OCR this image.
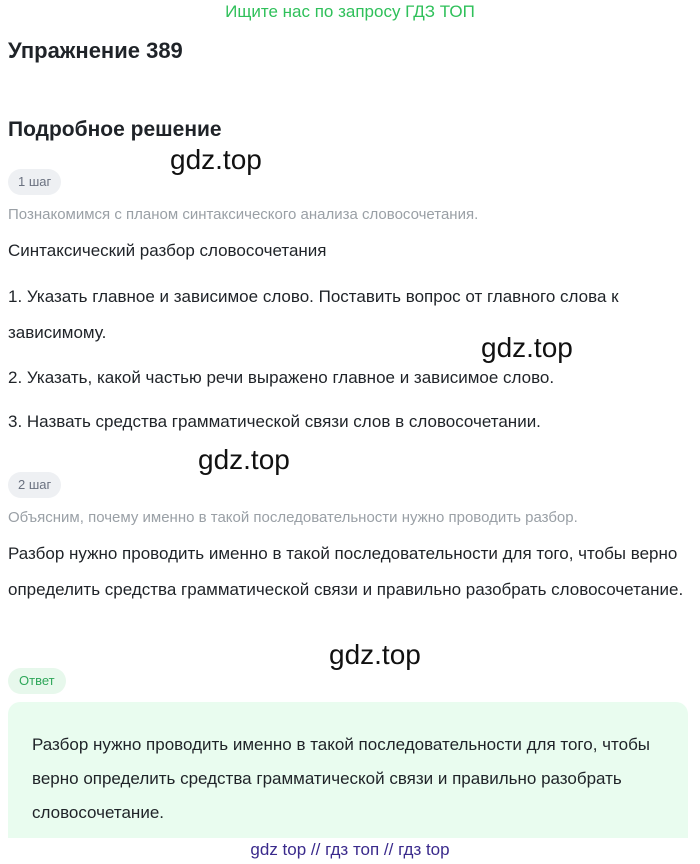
Ищите нас по запросу ГДЗ ТОП
Упражнение 389
Подробное решение
gdz.top
1 шаг
Познакомимся с планом синтаксического анализа словосочетания.

Синтаксический разбор словосочетания

1. Указать главное и зависимое слово. Поставить вопрос от главного слова к зависимому.	gdz.top

2. Указать, какой частью речи выражено главное и зависимое слово.

3. Назвать средства грамматической связи слов в словосочетании.

gdz.top
2 шаг
Объясним, почему именно в такой последовательности нужно проводить разбор.

Разбор нужно проводить именно в такой последовательности для того, чтобы верно определить средства грамматической связи и правильно разобрать словосочетание.

gdz.top
Ответ

Разбор нужно проводить именно в такой последовательности для того, чтобы верно определить средства грамматической связи и правильно разобрать словосочетание.

gdz top // гдз топ // гдз top
